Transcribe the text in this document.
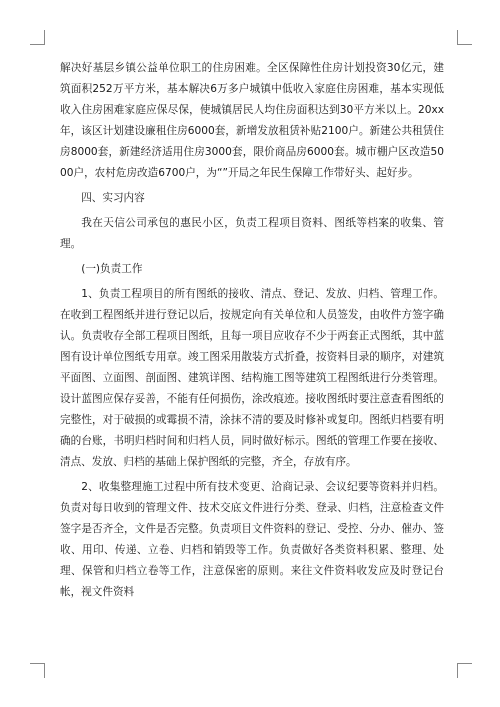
解决好基层乡镇公益单位职工的住房困难。全区保障性住房计划投资30亿元，建筑面积252万平方米，基本解决6万多户城镇中低收入家庭住房困难，基本实现低收入住房困难家庭应保尽保，使城镇居民人均住房面积达到30平方米以上。20xx年，该区计划建设廉租住房6000套，新增发放租赁补贴2100户。新建公共租赁住房8000套，新建经济适用住房3000套，限价商品房6000套。城市棚户区改造5000户，农村危房改造6700户，为“”开局之年民生保障工作带好头、起好步。

四、实习内容

我在天信公司承包的惠民小区，负责工程项目资料、图纸等档案的收集、管理。

(一)负责工作

1、负责工程项目的所有图纸的接收、清点、登记、发放、归档、管理工作。在收到工程图纸并进行登记以后，按规定向有关单位和人员签发，由收件方签字确认。负责收存全部工程项目图纸，且每一项目应收存不少于两套正式图纸，其中蓝图有设计单位图纸专用章。竣工图采用散装方式折叠，按资料目录的顺序，对建筑平面图、立面图、剖面图、建筑详图、结构施工图等建筑工程图纸进行分类管理。设计蓝图应保存妥善，不能有任何损伤，涂改痕迹。接收图纸时要注意查看图纸的完整性，对于破损的或霉损不清，涂抹不清的要及时修补或复印。图纸归档要有明确的台账，书明归档时间和归档人员，同时做好标示。图纸的管理工作要在接收、清点、发放、归档的基础上保护图纸的完整，齐全，存放有序。

2、收集整理施工过程中所有技术变更、洽商记录、会议纪要等资料并归档。负责对每日收到的管理文件、技术交底文件进行分类、登录、归档，注意检查文件签字是否齐全，文件是否完整。负责项目文件资料的登记、受控、分办、催办、签收、用印、传递、立卷、归档和销毁等工作。负责做好各类资料积累、整理、处理、保管和归档立卷等工作，注意保密的原则。来往文件资料收发应及时登记台帐，视文件资料
